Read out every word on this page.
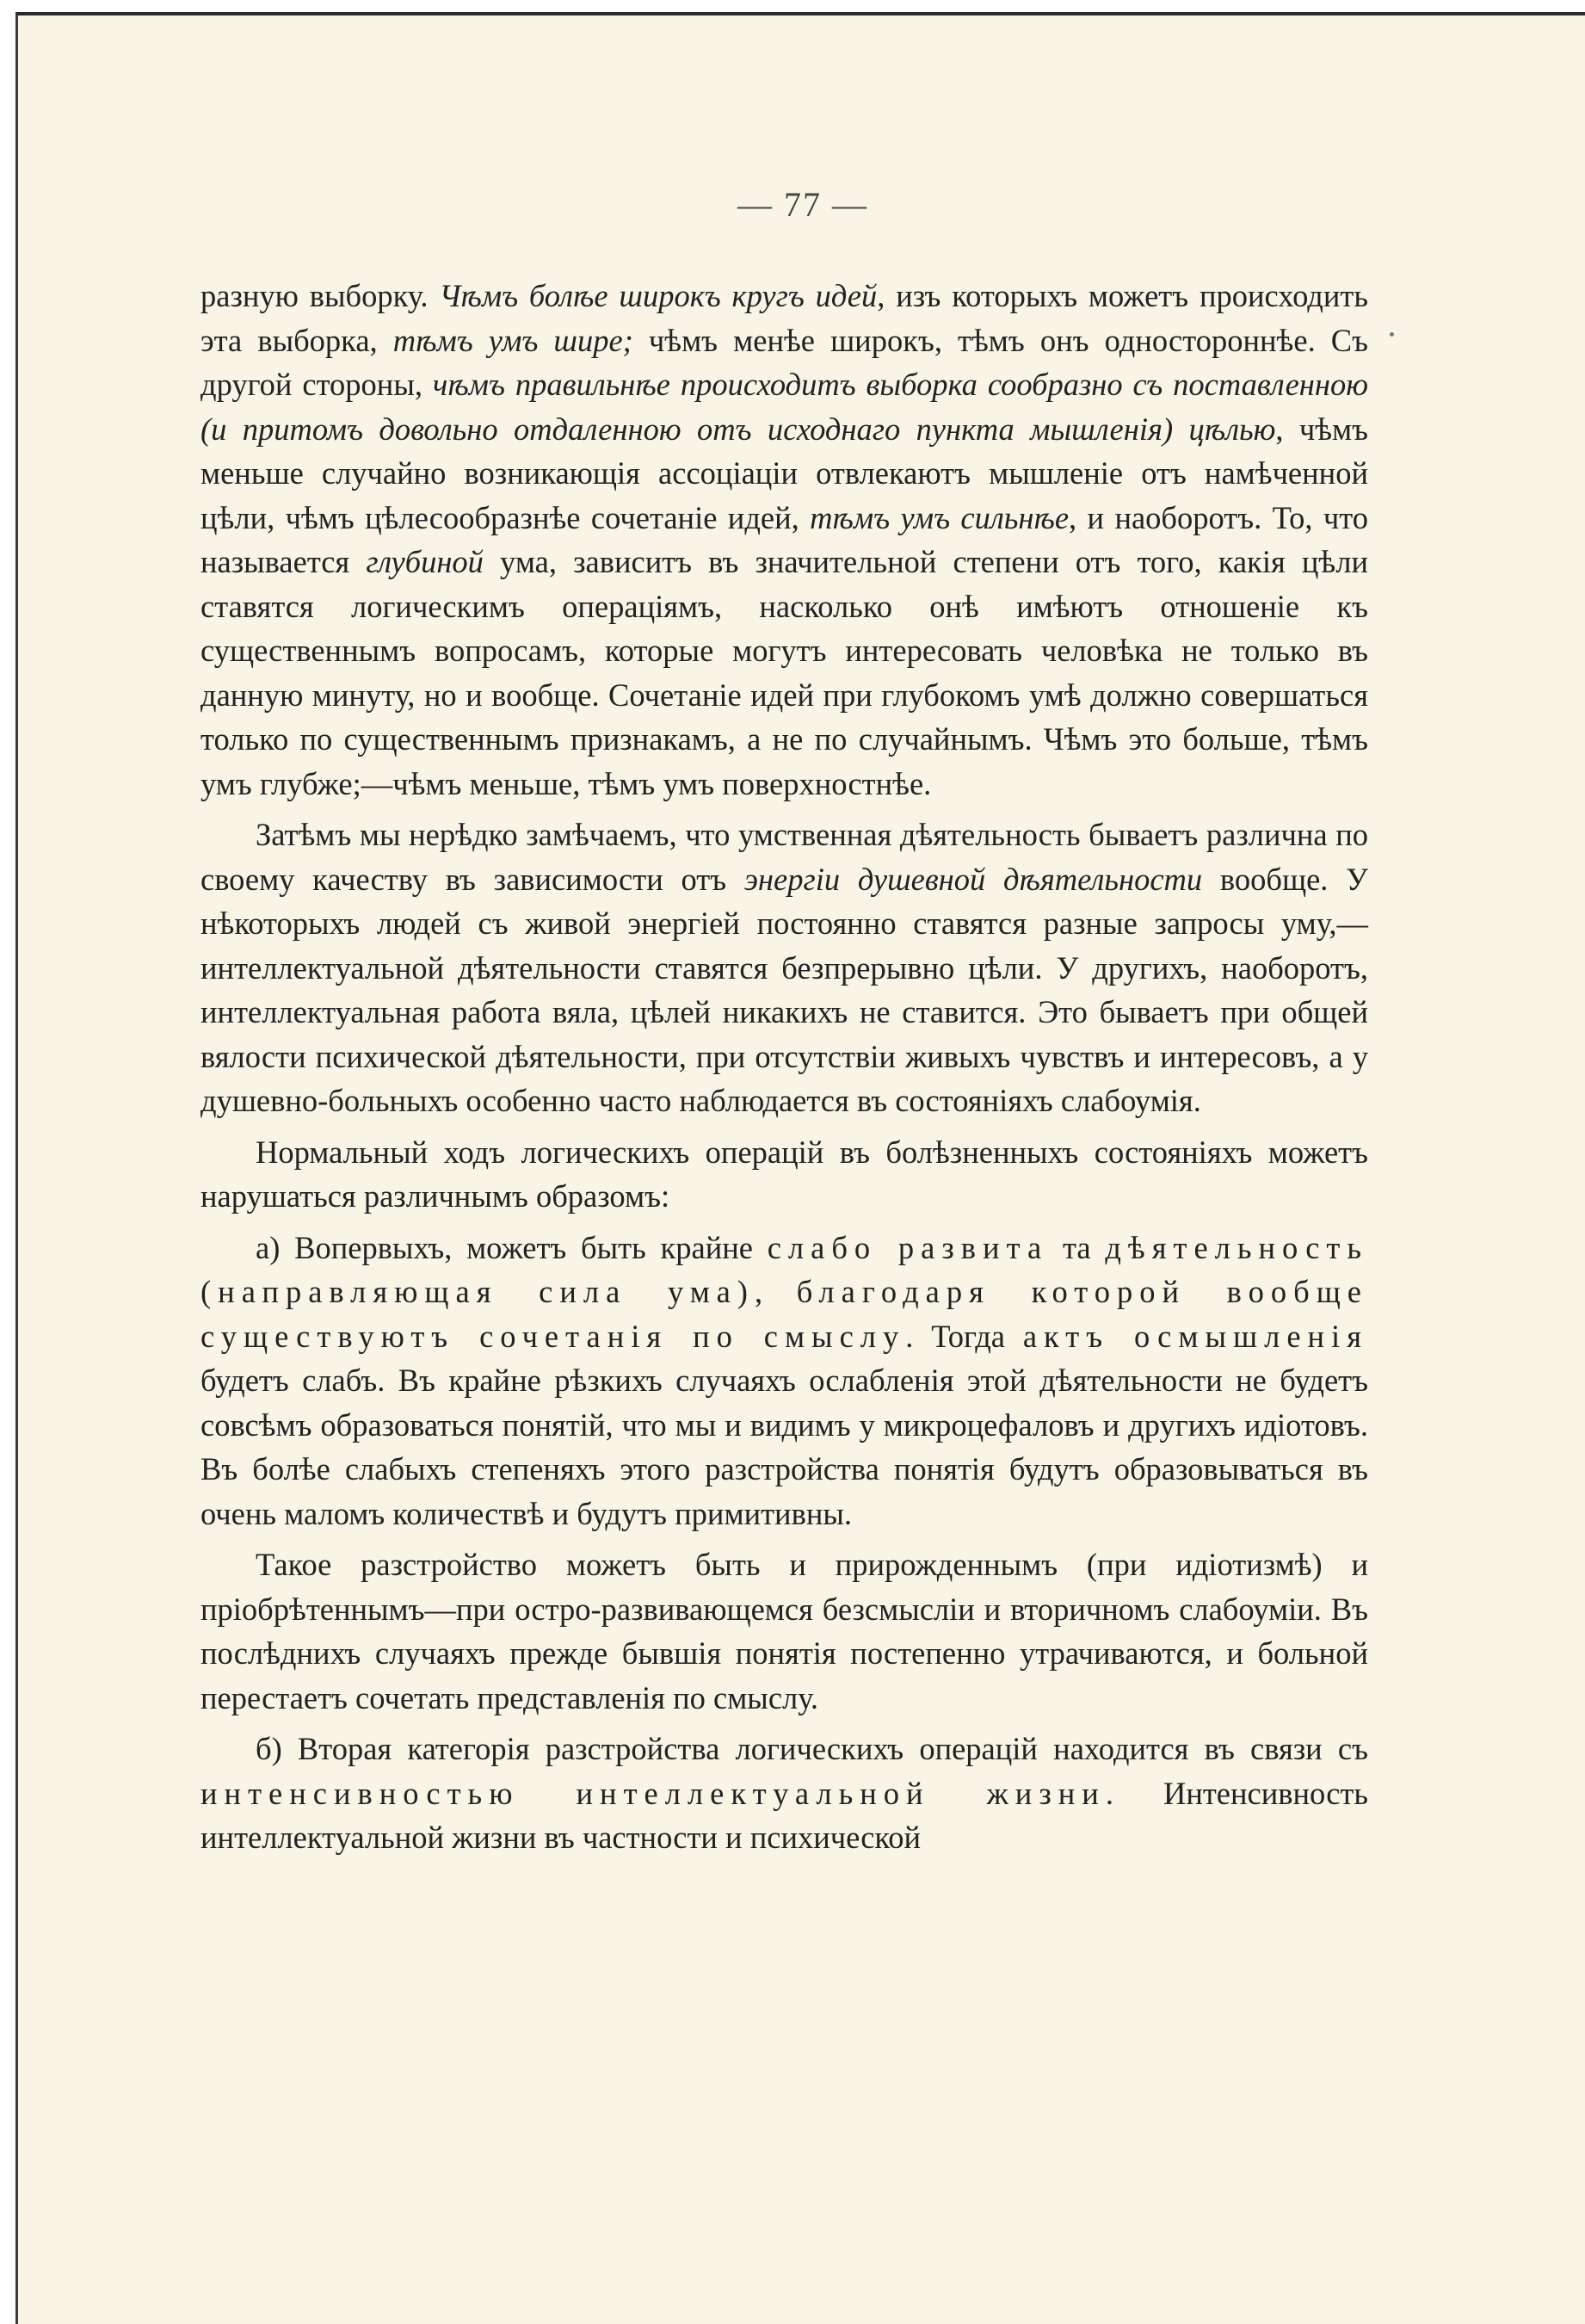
— 77 —

разную выборку. Чѣмъ болѣе широкъ кругъ идей, изъ которыхъ можетъ происходить эта выборка, тѣмъ умъ шире; чѣмъ менѣе широкъ, тѣмъ онъ одностороннѣе. Съ другой стороны, чѣмъ правильнѣе происходитъ выборка сообразно съ поставленною (и притомъ довольно отдаленною отъ исходнаго пункта мышленія) цѣлью, чѣмъ меньше случайно возникающія ассоціаціи отвлекаютъ мышленіе отъ намѣченной цѣли, чѣмъ цѣлесообразнѣе сочетаніе идей, тѣмъ умъ сильнѣе, и наоборотъ. То, что называется глубиной ума, зависитъ въ значительной степени отъ того, какія цѣли ставятся логическимъ операціямъ, насколько онѣ имѣютъ отношеніе къ существеннымъ вопросамъ, которые могутъ интересовать человѣка не только въ данную минуту, но и вообще. Сочетаніе идей при глубокомъ умѣ должно совершаться только по существеннымъ признакамъ, а не по случайнымъ. Чѣмъ это больше, тѣмъ умъ глубже;—чѣмъ меньше, тѣмъ умъ поверхностнѣе.

Затѣмъ мы нерѣдко замѣчаемъ, что умственная дѣятельность бываетъ различна по своему качеству въ зависимости отъ энергіи душевной дѣятельности вообще. У нѣкоторыхъ людей съ живой энергіей постоянно ставятся разные запросы уму,—интеллектуальной дѣятельности ставятся безпрерывно цѣли. У другихъ, наоборотъ, интеллектуальная работа вяла, цѣлей никакихъ не ставится. Это бываетъ при общей вялости психической дѣятельности, при отсутствіи живыхъ чувствъ и интересовъ, а у душевно-больныхъ особенно часто наблюдается въ состояніяхъ слабоумія.

Нормальный ходъ логическихъ операцій въ болѣзненныхъ состояніяхъ можетъ нарушаться различнымъ образомъ:

а) Вопервыхъ, можетъ быть крайне слабо развита та дѣятельность (направляющая сила ума), благодаря которой вообще существуютъ сочетанія по смыслу. Тогда актъ осмышленія будетъ слабъ. Въ крайне рѣзкихъ случаяхъ ослабленія этой дѣятельности не будетъ совсѣмъ образоваться понятій, что мы и видимъ у микроцефаловъ и другихъ идіотовъ. Въ болѣе слабыхъ степеняхъ этого разстройства понятія будутъ образовываться въ очень маломъ количествѣ и будутъ примитивны.

Такое разстройство можетъ быть и прирожденнымъ (при идіотизмѣ) и пріобрѣтеннымъ—при остро-развивающемся безсмысліи и вторичномъ слабоуміи. Въ послѣднихъ случаяхъ прежде бывшія понятія постепенно утрачиваются, и больной перестаетъ сочетать представленія по смыслу.

б) Вторая категорія разстройства логическихъ операцій находится въ связи съ интенсивностью интеллектуальной жизни. Интенсивность интеллектуальной жизни въ частности и психической
